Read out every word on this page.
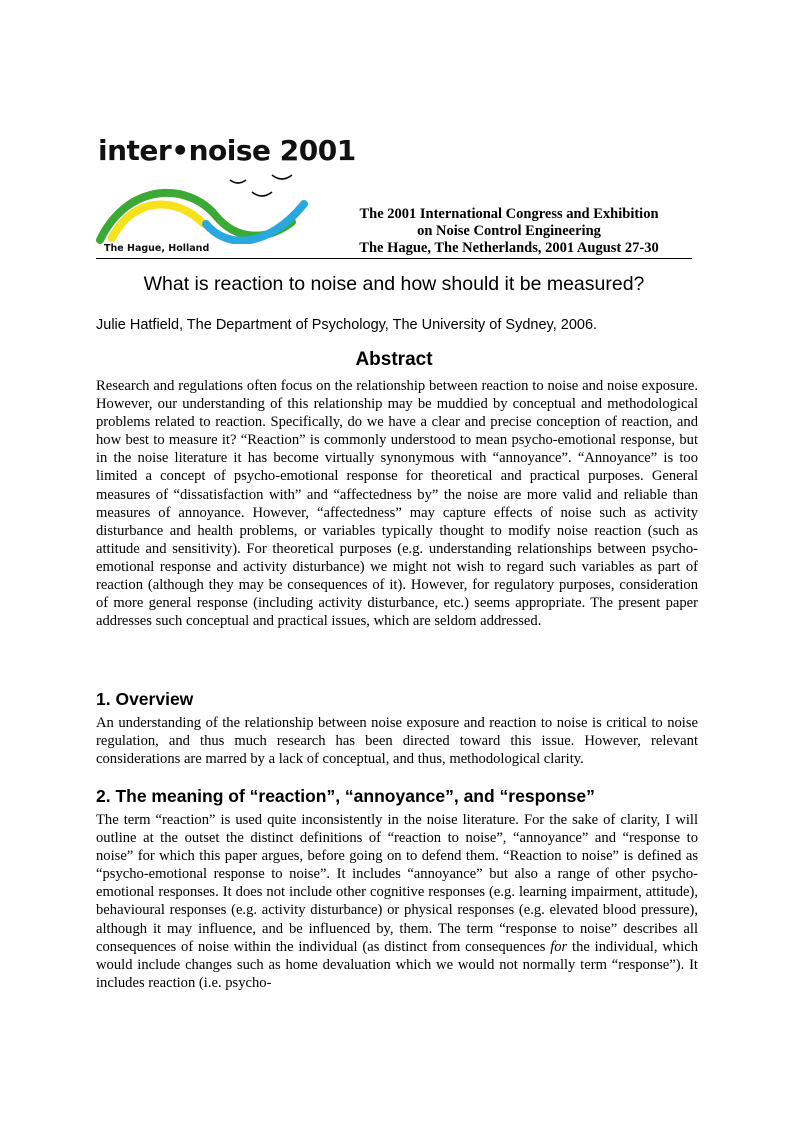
inter•noise 2001
The Hague, Holland
The 2001 International Congress and Exhibition
on Noise Control Engineering
The Hague, The Netherlands, 2001 August 27-30
What is reaction to noise and how should it be measured?
Julie Hatfield, The Department of Psychology, The University of Sydney, 2006.
Abstract
Research and regulations often focus on the relationship between reaction to noise and noise exposure. However, our understanding of this relationship may be muddied by conceptual and methodological problems related to reaction. Specifically, do we have a clear and precise conception of reaction, and how best to measure it? “Reaction” is commonly understood to mean psycho-emotional response, but in the noise literature it has become virtually synonymous with “annoyance”. “Annoyance” is too limited a concept of psycho-emotional response for theoretical and practical purposes. General measures of “dissatisfaction with” and “affectedness by” the noise are more valid and reliable than measures of annoyance. However, “affectedness” may capture effects of noise such as activity disturbance and health problems, or variables typically thought to modify noise reaction (such as attitude and sensitivity). For theoretical purposes (e.g. understanding relationships between psycho-emotional response and activity disturbance) we might not wish to regard such variables as part of reaction (although they may be consequences of it). However, for regulatory purposes, consideration of more general response (including activity disturbance, etc.) seems appropriate. The present paper addresses such conceptual and practical issues, which are seldom addressed.
1. Overview
An understanding of the relationship between noise exposure and reaction to noise is critical to noise regulation, and thus much research has been directed toward this issue. However, relevant considerations are marred by a lack of conceptual, and thus, methodological clarity.
2. The meaning of “reaction”, “annoyance”, and “response”
The term “reaction” is used quite inconsistently in the noise literature. For the sake of clarity, I will outline at the outset the distinct definitions of “reaction to noise”, “annoyance” and “response to noise” for which this paper argues, before going on to defend them. “Reaction to noise” is defined as “psycho-emotional response to noise”. It includes “annoyance” but also a range of other psycho-emotional responses. It does not include other cognitive responses (e.g. learning impairment, attitude), behavioural responses (e.g. activity disturbance) or physical responses (e.g. elevated blood pressure), although it may influence, and be influenced by, them. The term “response to noise” describes all consequences of noise within the individual (as distinct from consequences for the individual, which would include changes such as home devaluation which we would not normally term “response”). It includes reaction (i.e. psycho-
